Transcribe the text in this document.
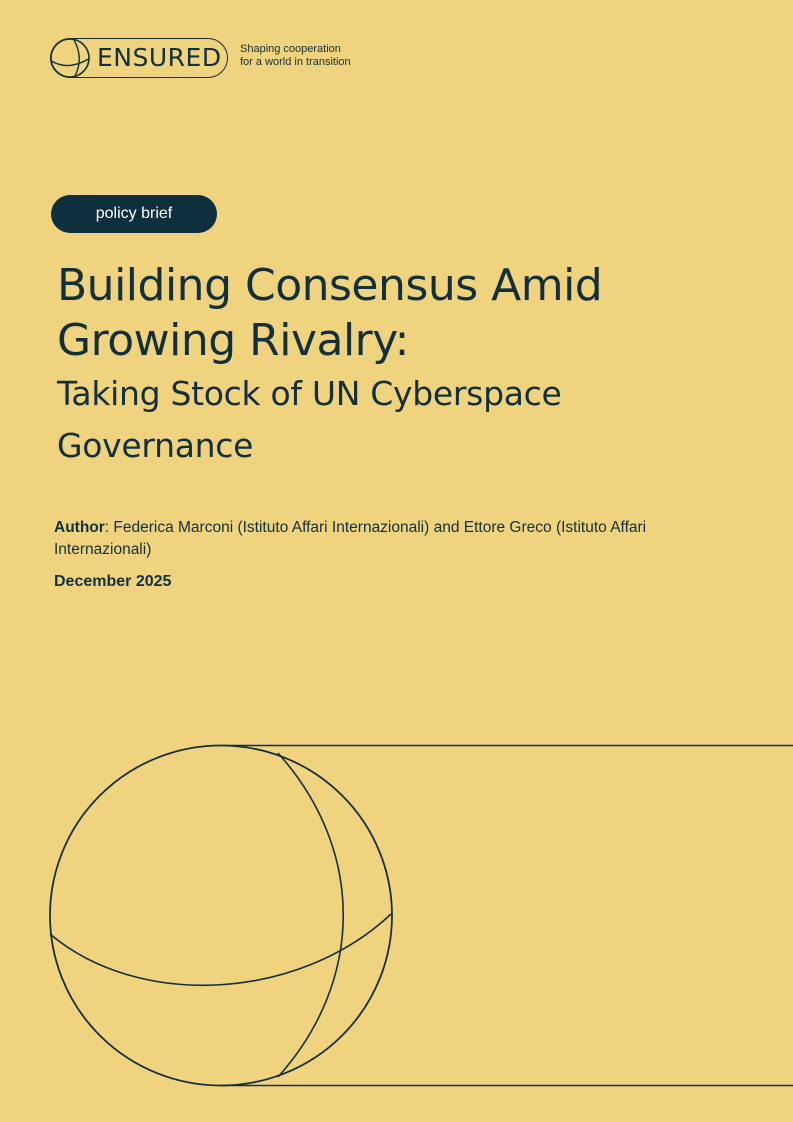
ENSURED Shaping cooperation
for a world in transition
policy brief
Building Consensus Amid
Growing Rivalry:
Taking Stock of UN Cyberspace
Governance
Author: Federica Marconi (Istituto Affari Internazionali) and Ettore Greco (Istituto Affari Internazionali)
December 2025
